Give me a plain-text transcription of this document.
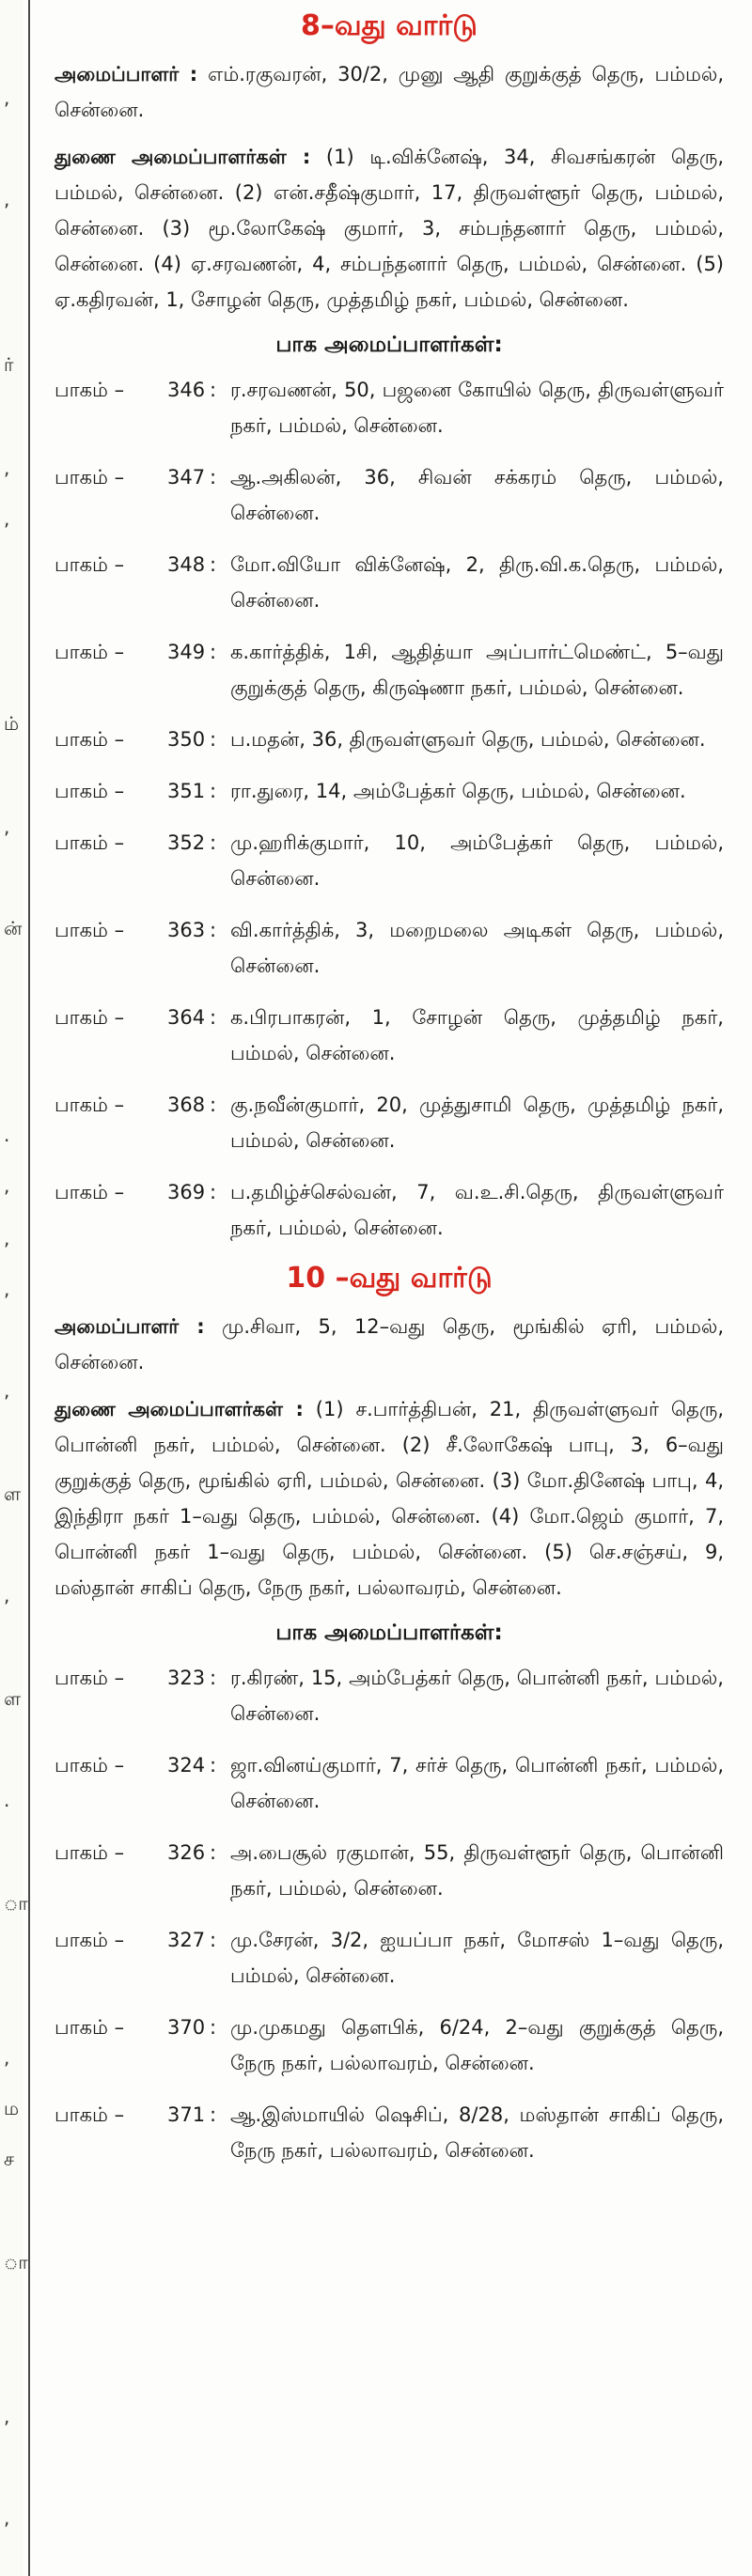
,
,
ர்
,
,
ம்
,
ன்
.
,
,
,
,
ள
,
ள
.
ா
,
ம
ச
ா
,
,
8–வது வார்டு

அமைப்பாளர் : எம்.ரகுவரன், 30/2, முனு ஆதி குறுக்குத் தெரு, பம்மல், சென்னை.

துணை அமைப்பாளர்கள் : (1) டி.விக்னேஷ், 34, சிவசங்கரன் தெரு, பம்மல், சென்னை. (2) என்.சதீஷ்குமார், 17, திருவள்ளூர் தெரு, பம்மல், சென்னை. (3) மூ.லோகேஷ் குமார், 3, சம்பந்தனார் தெரு, பம்மல், சென்னை. (4) ஏ.சரவணன், 4, சம்பந்தனார் தெரு, பம்மல், சென்னை. (5) ஏ.கதிரவன், 1, சோழன் தெரு, முத்தமிழ் நகர், பம்மல், சென்னை.

பாக அமைப்பாளர்கள்:
பாகம் –	346 : ர.சரவணன், 50, பஜனை கோயில் தெரு, திருவள்ளுவர் நகர், பம்மல், சென்னை.
பாகம் –	347 : ஆ.அகிலன், 36, சிவன் சக்கரம் தெரு, பம்மல், சென்னை.
பாகம் –	348 : மோ.வியோ விக்னேஷ், 2, திரு.வி.க.தெரு, பம்மல், சென்னை.
பாகம் –	349 : க.கார்த்திக், 1சி, ஆதித்யா அப்பார்ட்மெண்ட், 5–வது குறுக்குத் தெரு, கிருஷ்ணா நகர், பம்மல், சென்னை.
பாகம் –	350 : ப.மதன், 36, திருவள்ளுவர் தெரு, பம்மல், சென்னை.
பாகம் –	351 : ரா.துரை, 14, அம்பேத்கர் தெரு, பம்மல், சென்னை.
பாகம் –	352 : மு.ஹரிக்குமார், 10, அம்பேத்கர் தெரு, பம்மல், சென்னை.
பாகம் –	363 : வி.கார்த்திக், 3, மறைமலை அடிகள் தெரு, பம்மல், சென்னை.
பாகம் –	364 : க.பிரபாகரன், 1, சோழன் தெரு, முத்தமிழ் நகர், பம்மல், சென்னை.
பாகம் –	368 : கு.நவீன்குமார், 20, முத்துசாமி தெரு, முத்தமிழ் நகர், பம்மல், சென்னை.
பாகம் –	369 : ப.தமிழ்ச்செல்வன், 7, வ.உ.சி.தெரு, திருவள்ளுவர் நகர், பம்மல், சென்னை.
10 –வது வார்டு

அமைப்பாளர் : மு.சிவா, 5, 12–வது தெரு, மூங்கில் ஏரி, பம்மல், சென்னை.

துணை அமைப்பாளர்கள் : (1) ச.பார்த்திபன், 21, திருவள்ளுவர் தெரு, பொன்னி நகர், பம்மல், சென்னை. (2) சீ.லோகேஷ் பாபு, 3, 6–வது குறுக்குத் தெரு, மூங்கில் ஏரி, பம்மல், சென்னை. (3) மோ.தினேஷ் பாபு, 4, இந்திரா நகர் 1–வது தெரு, பம்மல், சென்னை. (4) மோ.ஜெம் குமார், 7, பொன்னி நகர் 1–வது தெரு, பம்மல், சென்னை. (5) செ.சஞ்சய், 9, மஸ்தான் சாகிப் தெரு, நேரு நகர், பல்லாவரம், சென்னை.

பாக அமைப்பாளர்கள்:
பாகம் –	323 : ர.கிரண், 15, அம்பேத்கர் தெரு, பொன்னி நகர், பம்மல், சென்னை.
பாகம் –	324 : ஜா.வினய்குமார், 7, சர்ச் தெரு, பொன்னி நகர், பம்மல், சென்னை.
பாகம் –	326 : அ.பைசூல் ரகுமான், 55, திருவள்ளூர் தெரு, பொன்னி நகர், பம்மல், சென்னை.
பாகம் –	327 : மு.சேரன், 3/2, ஐயப்பா நகர், மோசஸ் 1–வது தெரு, பம்மல், சென்னை.
பாகம் –	370 : மு.முகமது தௌபிக், 6/24, 2–வது குறுக்குத் தெரு, நேரு நகர், பல்லாவரம், சென்னை.
பாகம் –	371 : ஆ.இஸ்மாயில் ஷெசிப், 8/28, மஸ்தான் சாகிப் தெரு, நேரு நகர், பல்லாவரம், சென்னை.
